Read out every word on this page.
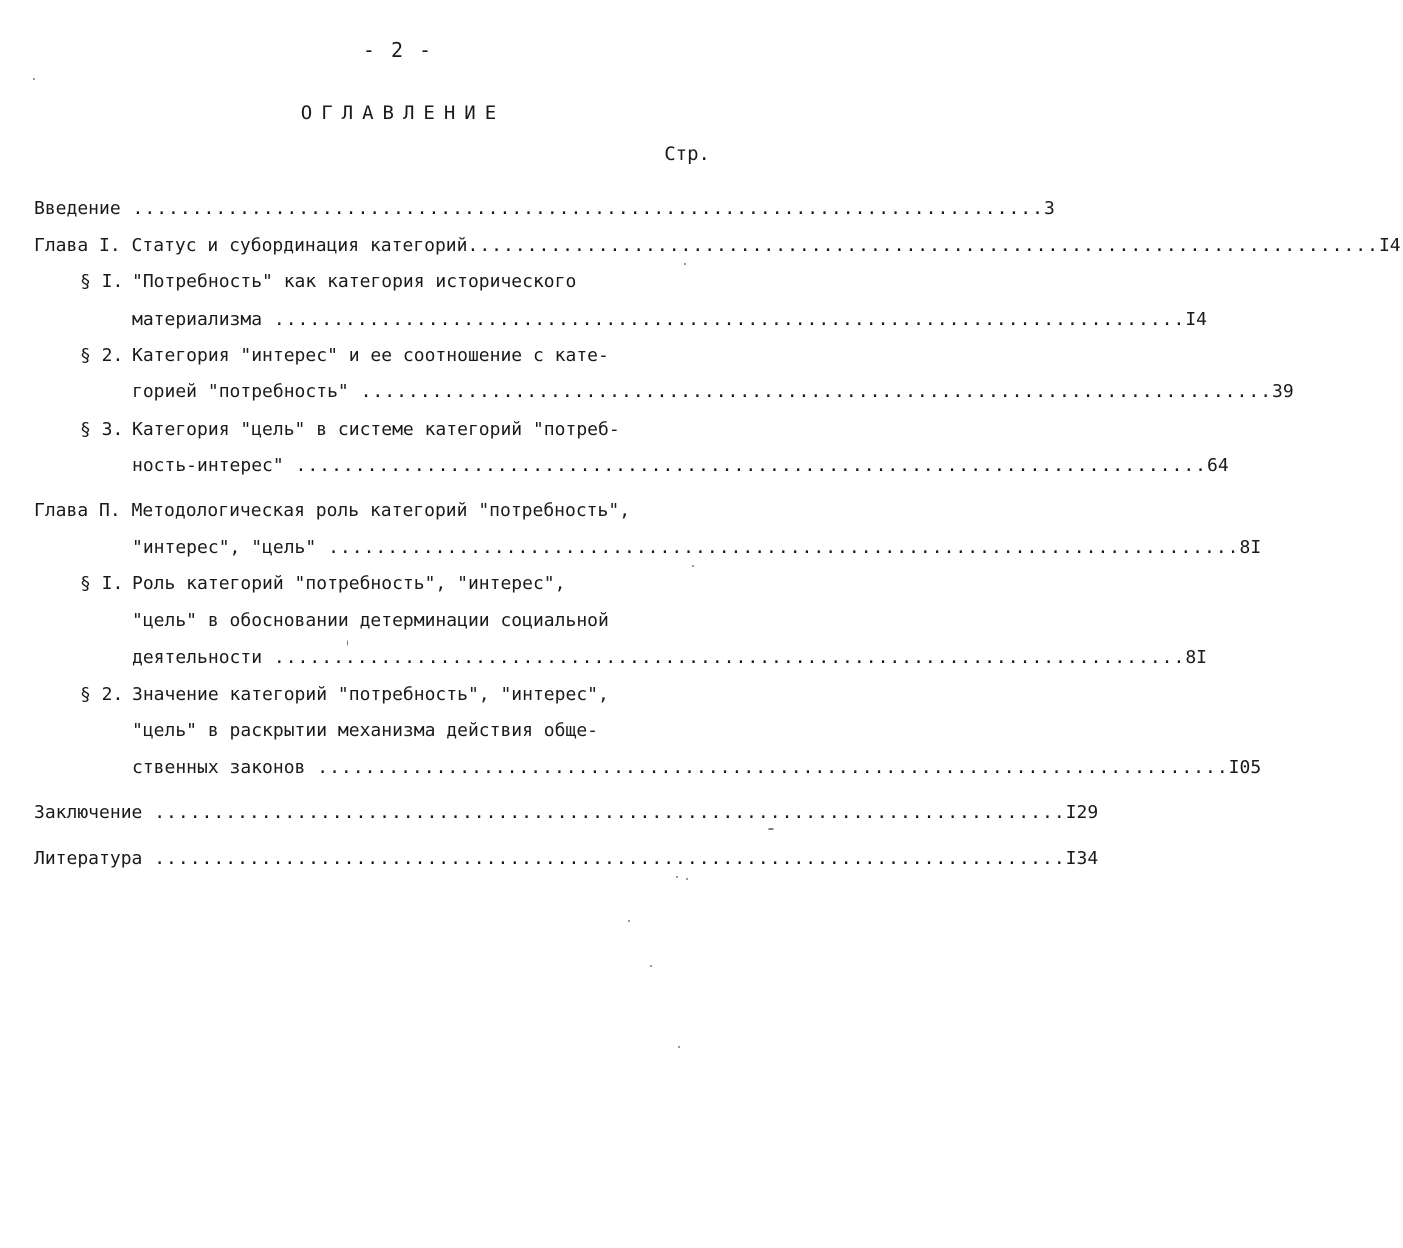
- 2 -
ОГЛАВЛЕНИЕ
Стр.
Введение ............................................................................. 3
Глава I. Статус и субординация категорий ............................................................................. I4
§ I. "Потребность" как категория исторического
материализма ............................................................................. I4
§ 2. Категория "интерес" и ее соотношение с кате-
горией "потребность" ............................................................................. 39
§ 3. Категория "цель" в системе категорий "потреб-
ность-интерес" ............................................................................. 64
Глава П. Методологическая роль категорий "потребность",
"интерес", "цель" ............................................................................. 8I
§ I. Роль категорий "потребность", "интерес",
"цель" в обосновании детерминации социальной
деятельности ............................................................................. 8I
§ 2. Значение категорий "потребность", "интерес",
"цель" в раскрытии механизма действия обще-
ственных законов ............................................................................. I05
Заключение ............................................................................. I29
Литература ............................................................................. I34
